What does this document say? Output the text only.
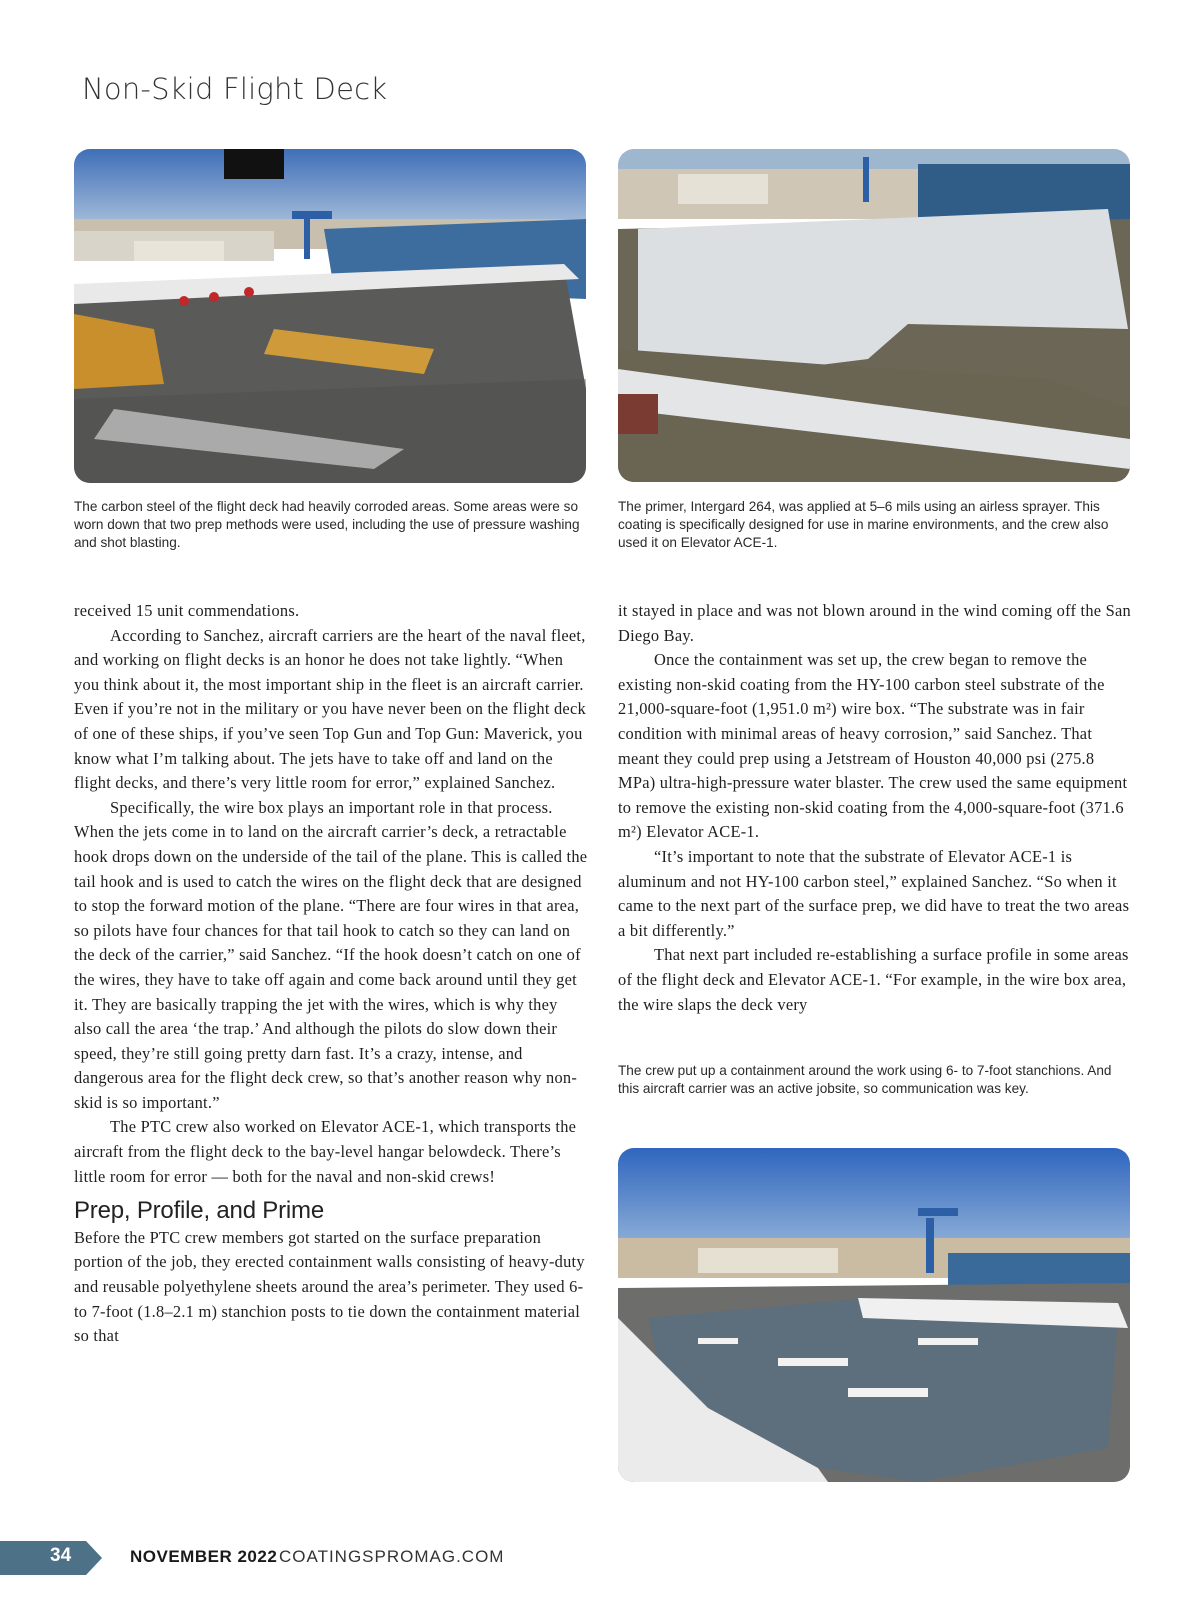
Non-Skid Flight Deck

The carbon steel of the flight deck had heavily corroded areas. Some areas were so worn down that two prep methods were used, including the use of pressure washing and shot blasting.

The primer, Intergard 264, was applied at 5–6 mils using an airless sprayer. This coating is specifically designed for use in marine environments, and the crew also used it on Elevator ACE-1.

The crew put up a containment around the work using 6- to 7-foot stanchions. And this aircraft carrier was an active jobsite, so communication was key.

received 15 unit commendations.

According to Sanchez, aircraft carriers are the heart of the naval fleet, and working on flight decks is an honor he does not take lightly. “When you think about it, the most important ship in the fleet is an aircraft carrier. Even if you’re not in the military or you have never been on the flight deck of one of these ships, if you’ve seen Top Gun and Top Gun: Maverick, you know what I’m talking about. The jets have to take off and land on the flight decks, and there’s very little room for error,” explained Sanchez.

Specifically, the wire box plays an important role in that process. When the jets come in to land on the aircraft carrier’s deck, a retractable hook drops down on the underside of the tail of the plane. This is called the tail hook and is used to catch the wires on the flight deck that are designed to stop the forward motion of the plane. “There are four wires in that area, so pilots have four chances for that tail hook to catch so they can land on the deck of the carrier,” said Sanchez. “If the hook doesn’t catch on one of the wires, they have to take off again and come back around until they get it. They are basically trapping the jet with the wires, which is why they also call the area ‘the trap.’ And although the pilots do slow down their speed, they’re still going pretty darn fast. It’s a crazy, intense, and dangerous area for the flight deck crew, so that’s another reason why non-skid is so important.”

The PTC crew also worked on Elevator ACE-1, which transports the aircraft from the flight deck to the bay-level hangar belowdeck. There’s little room for error — both for the naval and non-skid crews!

Prep, Profile, and Prime

Before the PTC crew members got started on the surface preparation portion of the job, they erected containment walls consisting of heavy-duty and reusable polyethylene sheets around the area’s perimeter. They used 6- to 7-foot (1.8–2.1 m) stanchion posts to tie down the containment material so that

it stayed in place and was not blown around in the wind coming off the San Diego Bay.

Once the containment was set up, the crew began to remove the existing non-skid coating from the HY-100 carbon steel substrate of the 21,000-square-foot (1,951.0 m²) wire box. “The substrate was in fair condition with minimal areas of heavy corrosion,” said Sanchez. That meant they could prep using a Jetstream of Houston 40,000 psi (275.8 MPa) ultra-high-pressure water blaster. The crew used the same equipment to remove the existing non-skid coating from the 4,000-square-foot (371.6 m²) Elevator ACE-1.

“It’s important to note that the substrate of Elevator ACE-1 is aluminum and not HY-100 carbon steel,” explained Sanchez. “So when it came to the next part of the surface prep, we did have to treat the two areas a bit differently.”

That next part included re-establishing a surface profile in some areas of the flight deck and Elevator ACE-1. “For example, in the wire box area, the wire slaps the deck very

34	NOVEMBER 2022 COATINGSPROMAG.COM
